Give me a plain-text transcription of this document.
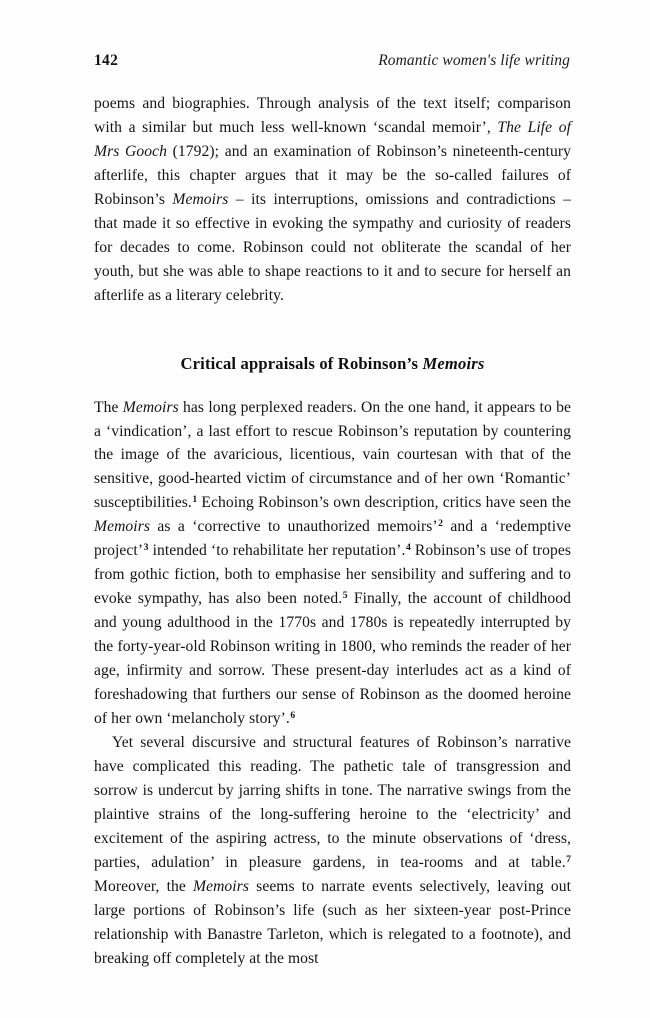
142	Romantic women's life writing

poems and biographies. Through analysis of the text itself; comparison with a similar but much less well-known ‘scandal memoir’, The Life of Mrs Gooch (1792); and an examination of Robinson’s nineteenth-century afterlife, this chapter argues that it may be the so-called failures of Robinson’s Memoirs – its interruptions, omissions and contradictions – that made it so effective in evoking the sympathy and curiosity of readers for decades to come. Robinson could not obliterate the scandal of her youth, but she was able to shape reactions to it and to secure for herself an afterlife as a literary celebrity.

Critical appraisals of Robinson’s Memoirs

The Memoirs has long perplexed readers. On the one hand, it appears to be a ‘vindication’, a last effort to rescue Robinson’s reputation by countering the image of the avaricious, licentious, vain courtesan with that of the sensitive, good-hearted victim of circumstance and of her own ‘Romantic’ susceptibilities.$^1$ Echoing Robinson’s own description, critics have seen the Memoirs as a ‘corrective to unauthorized memoirs’$^2$ and a ‘redemptive project’$^3$ intended ‘to rehabilitate her reputation’.$^4$ Robinson’s use of tropes from gothic fiction, both to emphasise her sensibility and suffering and to evoke sympathy, has also been noted.$^5$ Finally, the account of childhood and young adulthood in the 1770s and 1780s is repeatedly interrupted by the forty-year-old Robinson writing in 1800, who reminds the reader of her age, infirmity and sorrow. These present-day interludes act as a kind of foreshadowing that furthers our sense of Robinson as the doomed heroine of her own ‘melancholy story’.$^6$

Yet several discursive and structural features of Robinson’s narrative have complicated this reading. The pathetic tale of transgression and sorrow is undercut by jarring shifts in tone. The narrative swings from the plaintive strains of the long-suffering heroine to the ‘electricity’ and excitement of the aspiring actress, to the minute observations of ‘dress, parties, adulation’ in pleasure gardens, in tea-rooms and at table.$^7$ Moreover, the Memoirs seems to narrate events selectively, leaving out large portions of Robinson’s life (such as her sixteen-year post-Prince relationship with Banastre Tarleton, which is relegated to a footnote), and breaking off completely at the most
